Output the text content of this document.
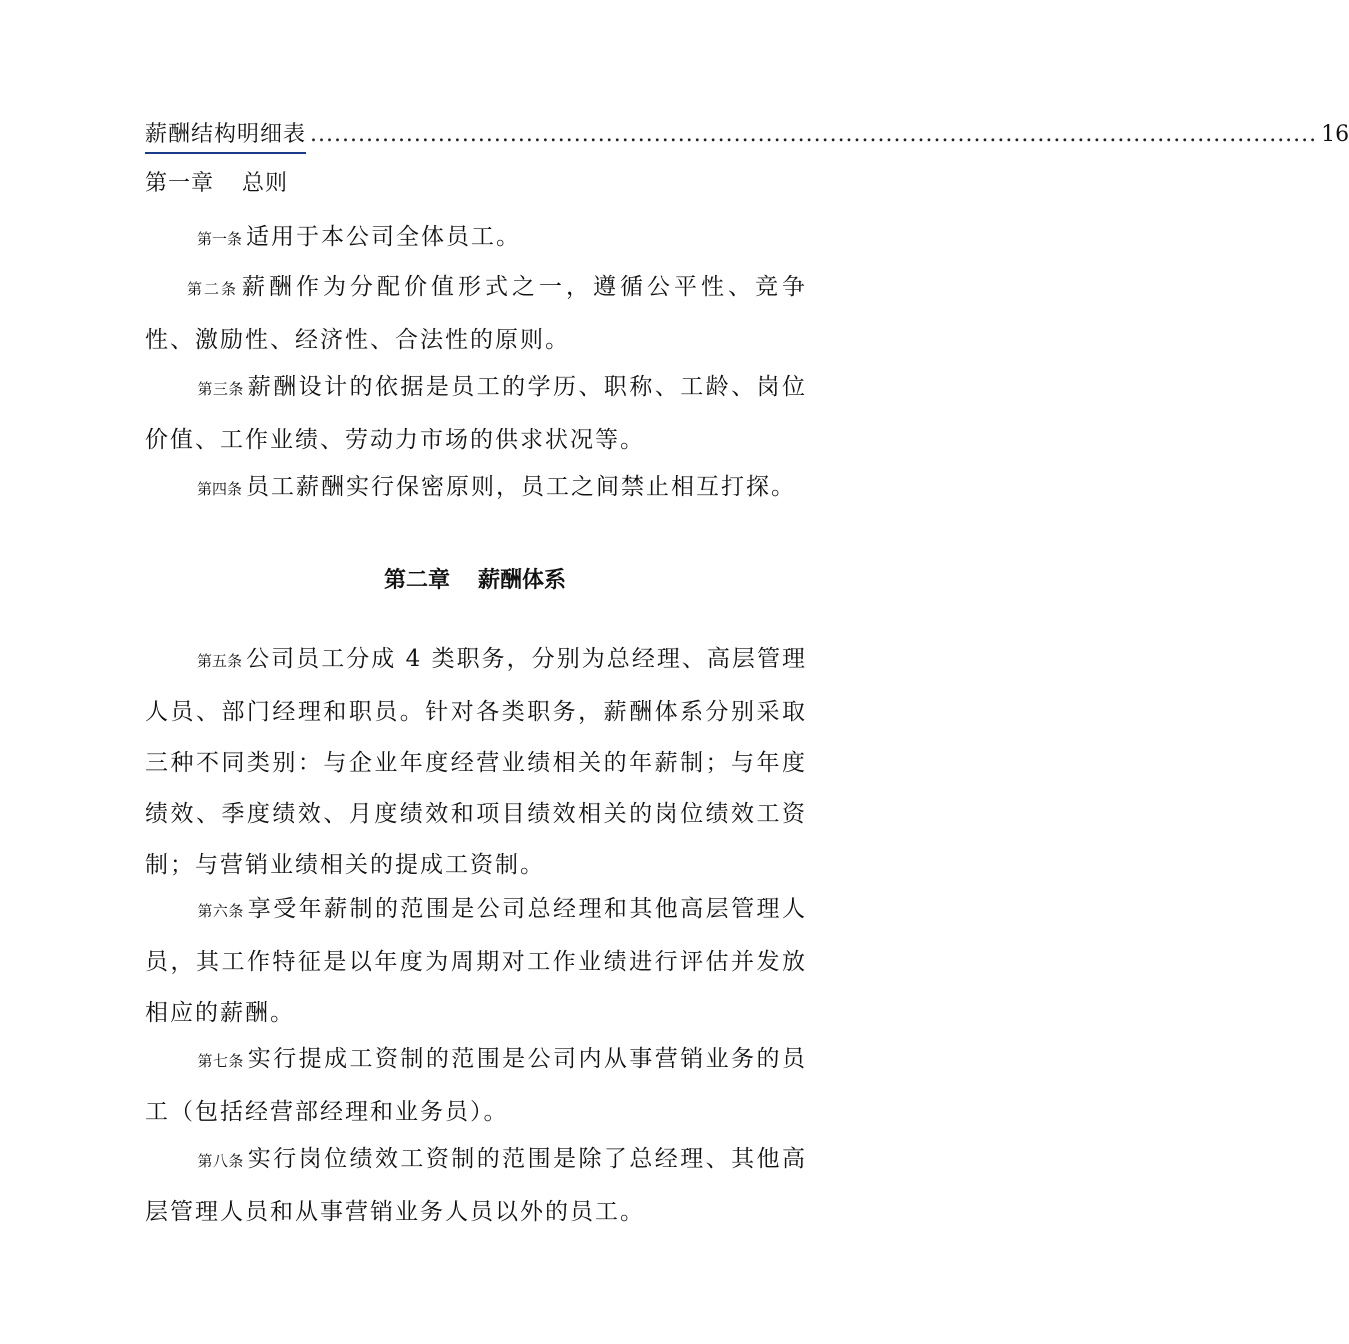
薪酬结构明细表 .............................................................................................................................. 16
第一章 总则

第一条 适用于本公司全体员工。

第二条 薪酬作为分配价值形式之一，遵循公平性、竞争性、激励性、经济性、合法性的原则。

第三条 薪酬设计的依据是员工的学历、职称、工龄、岗位价值、工作业绩、劳动力市场的供求状况等。

第四条 员工薪酬实行保密原则，员工之间禁止相互打探。

第二章 薪酬体系

第五条 公司员工分成 4 类职务，分别为总经理、高层管理人员、部门经理和职员。针对各类职务，薪酬体系分别采取三种不同类别：与企业年度经营业绩相关的年薪制；与年度绩效、季度绩效、月度绩效和项目绩效相关的岗位绩效工资制；与营销业绩相关的提成工资制。

第六条 享受年薪制的范围是公司总经理和其他高层管理人员，其工作特征是以年度为周期对工作业绩进行评估并发放相应的薪酬。

第七条 实行提成工资制的范围是公司内从事营销业务的员工（包括经营部经理和业务员）。

第八条 实行岗位绩效工资制的范围是除了总经理、其他高层管理人员和从事营销业务人员以外的员工。
